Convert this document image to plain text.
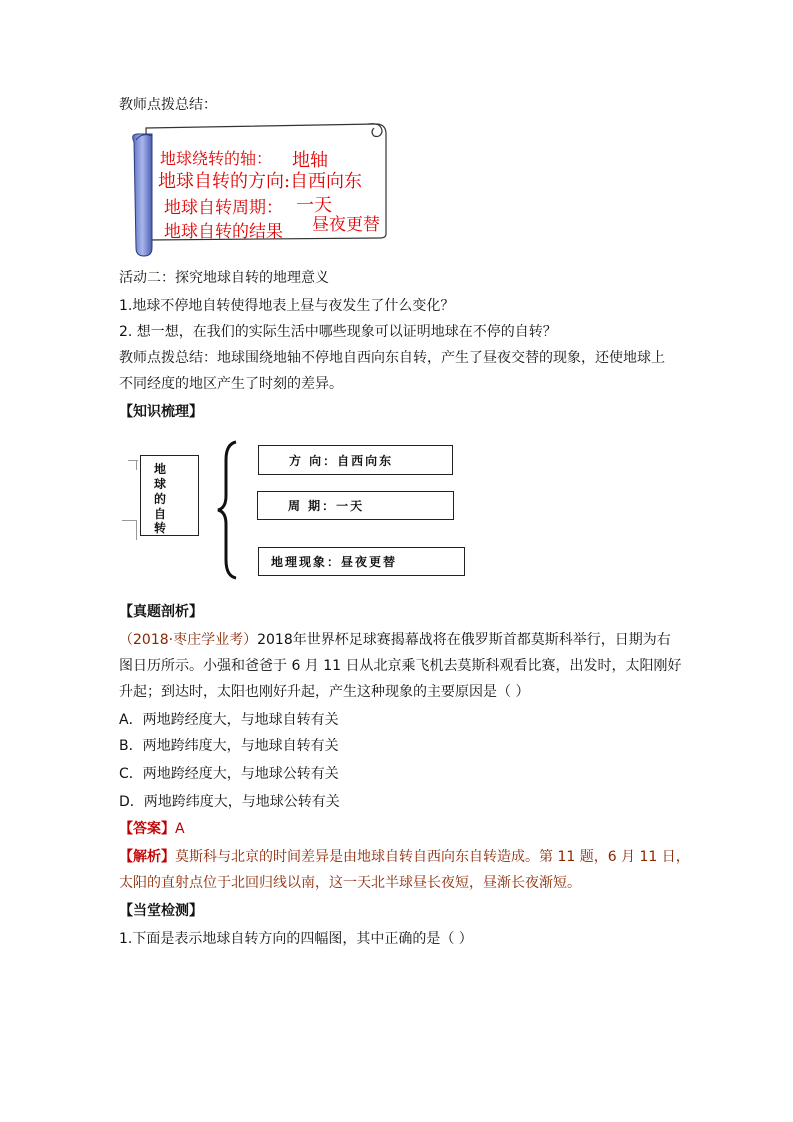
教师点拨总结：
地球绕转的轴： 地轴
地球自转的方向: 自西向东
地球自转周期： 一天
地球自转的结果 昼夜更替
活动二：探究地球自转的地理意义
1.地球不停地自转使得地表上昼与夜发生了什么变化？
2. 想一想，在我们的实际生活中哪些现象可以证明地球在不停的自转？
教师点拨总结：地球围绕地轴不停地自西向东自转，产生了昼夜交替的现象，还使地球上
不同经度的地区产生了时刻的差异。
【知识梳理】
地
球
的
自
转
方 向：自西向东
周 期：一天
地理现象：昼夜更替
【真题剖析】
（2018·枣庄学业考）2018年世界杯足球赛揭幕战将在俄罗斯首都莫斯科举行，日期为右
图日历所示。小强和爸爸于 6 月 11 日从北京乘飞机去莫斯科观看比赛，出发时，太阳刚好
升起；到达时，太阳也刚好升起，产生这种现象的主要原因是（ ）
A．两地跨经度大，与地球自转有关
B．两地跨纬度大，与地球自转有关
C．两地跨经度大，与地球公转有关
D．两地跨纬度大，与地球公转有关
【答案】A
【解析】莫斯科与北京的时间差异是由地球自转自西向东自转造成。第 11 题，6 月 11 日，
太阳的直射点位于北回归线以南，这一天北半球昼长夜短，昼渐长夜渐短。
【当堂检测】
1.下面是表示地球自转方向的四幅图，其中正确的是（ ）
